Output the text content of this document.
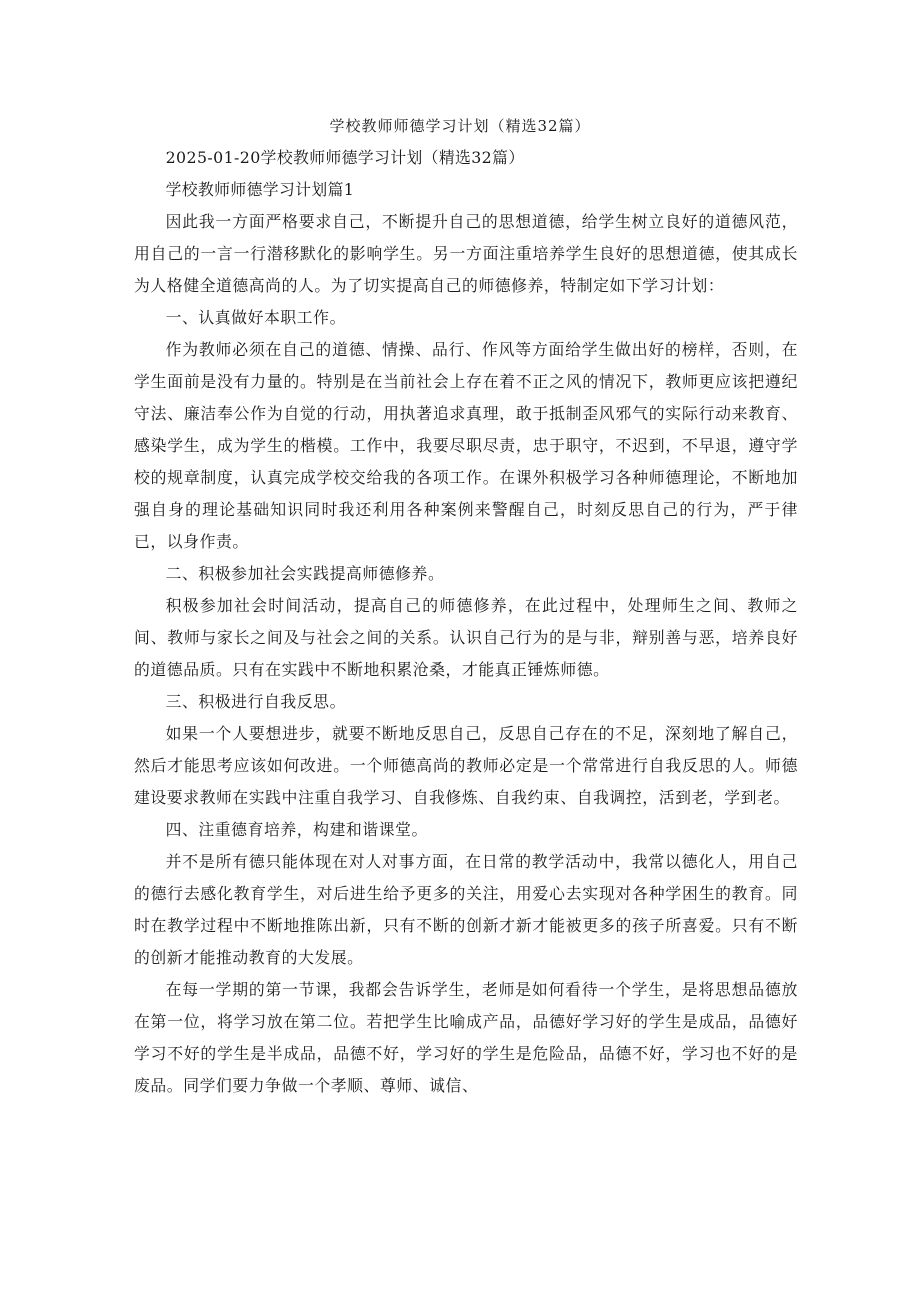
学校教师师德学习计划（精选32篇）

2025-01-20学校教师师德学习计划（精选32篇）

学校教师师德学习计划篇1

因此我一方面严格要求自己，不断提升自己的思想道德，给学生树立良好的道德风范，用自己的一言一行潜移默化的影响学生。另一方面注重培养学生良好的思想道德，使其成长为人格健全道德高尚的人。为了切实提高自己的师德修养，特制定如下学习计划：

一、认真做好本职工作。

作为教师必须在自己的道德、情操、品行、作风等方面给学生做出好的榜样，否则，在学生面前是没有力量的。特别是在当前社会上存在着不正之风的情况下，教师更应该把遵纪守法、廉洁奉公作为自觉的行动，用执著追求真理，敢于抵制歪风邪气的实际行动来教育、感染学生，成为学生的楷模。工作中，我要尽职尽责，忠于职守，不迟到，不早退，遵守学校的规章制度，认真完成学校交给我的各项工作。在课外积极学习各种师德理论，不断地加强自身的理论基础知识同时我还利用各种案例来警醒自己，时刻反思自己的行为，严于律已，以身作责。

二、积极参加社会实践提高师德修养。

积极参加社会时间活动，提高自己的师德修养，在此过程中，处理师生之间、教师之间、教师与家长之间及与社会之间的关系。认识自己行为的是与非，辩别善与恶，培养良好的道德品质。只有在实践中不断地积累沧桑，才能真正锤炼师德。

三、积极进行自我反思。

如果一个人要想进步，就要不断地反思自己，反思自己存在的不足，深刻地了解自己，然后才能思考应该如何改进。一个师德高尚的教师必定是一个常常进行自我反思的人。师德建设要求教师在实践中注重自我学习、自我修炼、自我约束、自我调控，活到老，学到老。

四、注重德育培养，构建和谐课堂。

并不是所有德只能体现在对人对事方面，在日常的教学活动中，我常以德化人，用自己的德行去感化教育学生，对后进生给予更多的关注，用爱心去实现对各种学困生的教育。同时在教学过程中不断地推陈出新，只有不断的创新才新才能被更多的孩子所喜爱。只有不断的创新才能推动教育的大发展。

在每一学期的第一节课，我都会告诉学生，老师是如何看待一个学生，是将思想品德放在第一位，将学习放在第二位。若把学生比喻成产品，品德好学习好的学生是成品，品德好学习不好的学生是半成品，品德不好，学习好的学生是危险品，品德不好，学习也不好的是废品。同学们要力争做一个孝顺、尊师、诚信、
